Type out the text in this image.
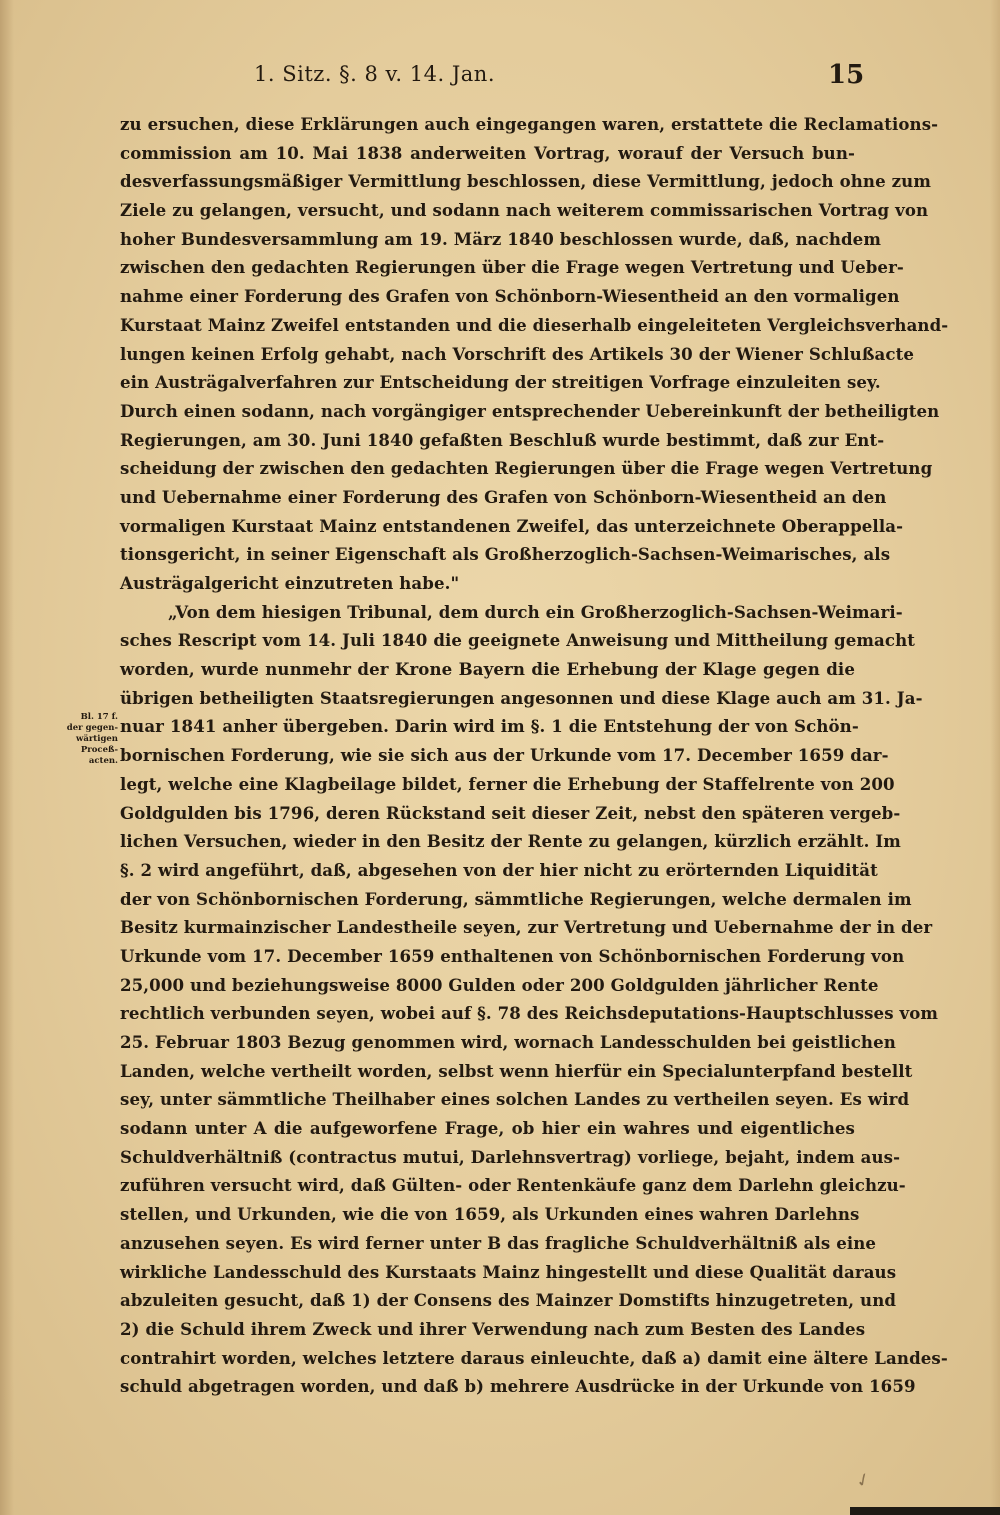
1. Sitz. §. 8 v. 14. Jan.	15
Bl. 17 f.
der gegen-
wärtigen
Proceß-
acten.
zu ersuchen, diese Erklärungen auch eingegangen waren, erstattete die Reclamations-
commission am 10. Mai 1838 anderweiten Vortrag, worauf der Versuch bun-
desverfassungsmäßiger Vermittlung beschlossen, diese Vermittlung, jedoch ohne zum
Ziele zu gelangen, versucht, und sodann nach weiterem commissarischen Vortrag von
hoher Bundesversammlung am 19. März 1840 beschlossen wurde, daß, nachdem
zwischen den gedachten Regierungen über die Frage wegen Vertretung und Ueber-
nahme einer Forderung des Grafen von Schönborn-Wiesentheid an den vormaligen
Kurstaat Mainz Zweifel entstanden und die dieserhalb eingeleiteten Vergleichsverhand-
lungen keinen Erfolg gehabt, nach Vorschrift des Artikels 30 der Wiener Schlußacte
ein Austrägalverfahren zur Entscheidung der streitigen Vorfrage einzuleiten sey.
Durch einen sodann, nach vorgängiger entsprechender Uebereinkunft der betheiligten
Regierungen, am 30. Juni 1840 gefaßten Beschluß wurde bestimmt, daß zur Ent-
scheidung der zwischen den gedachten Regierungen über die Frage wegen Vertretung
und Uebernahme einer Forderung des Grafen von Schönborn-Wiesentheid an den
vormaligen Kurstaat Mainz entstandenen Zweifel, das unterzeichnete Oberappella-
tionsgericht, in seiner Eigenschaft als Großherzoglich-Sachsen-Weimarisches, als
Austrägalgericht einzutreten habe."
„Von dem hiesigen Tribunal, dem durch ein Großherzoglich-Sachsen-Weimari-
sches Rescript vom 14. Juli 1840 die geeignete Anweisung und Mittheilung gemacht
worden, wurde nunmehr der Krone Bayern die Erhebung der Klage gegen die
übrigen betheiligten Staatsregierungen angesonnen und diese Klage auch am 31. Ja-
nuar 1841 anher übergeben. Darin wird im §. 1 die Entstehung der von Schön-
bornischen Forderung, wie sie sich aus der Urkunde vom 17. December 1659 dar-
legt, welche eine Klagbeilage bildet, ferner die Erhebung der Staffelrente von 200
Goldgulden bis 1796, deren Rückstand seit dieser Zeit, nebst den späteren vergeb-
lichen Versuchen, wieder in den Besitz der Rente zu gelangen, kürzlich erzählt. Im
§. 2 wird angeführt, daß, abgesehen von der hier nicht zu erörternden Liquidität
der von Schönbornischen Forderung, sämmtliche Regierungen, welche dermalen im
Besitz kurmainzischer Landestheile seyen, zur Vertretung und Uebernahme der in der
Urkunde vom 17. December 1659 enthaltenen von Schönbornischen Forderung von
25,000 und beziehungsweise 8000 Gulden oder 200 Goldgulden jährlicher Rente
rechtlich verbunden seyen, wobei auf §. 78 des Reichsdeputations-Hauptschlusses vom
25. Februar 1803 Bezug genommen wird, wornach Landesschulden bei geistlichen
Landen, welche vertheilt worden, selbst wenn hierfür ein Specialunterpfand bestellt
sey, unter sämmtliche Theilhaber eines solchen Landes zu vertheilen seyen. Es wird
sodann unter A die aufgeworfene Frage, ob hier ein wahres und eigentliches
Schuldverhältniß (contractus mutui, Darlehnsvertrag) vorliege, bejaht, indem aus-
zuführen versucht wird, daß Gülten- oder Rentenkäufe ganz dem Darlehn gleichzu-
stellen, und Urkunden, wie die von 1659, als Urkunden eines wahren Darlehns
anzusehen seyen. Es wird ferner unter B das fragliche Schuldverhältniß als eine
wirkliche Landesschuld des Kurstaats Mainz hingestellt und diese Qualität daraus
abzuleiten gesucht, daß 1) der Consens des Mainzer Domstifts hinzugetreten, und
2) die Schuld ihrem Zweck und ihrer Verwendung nach zum Besten des Landes
contrahirt worden, welches letztere daraus einleuchte, daß a) damit eine ältere Landes-
schuld abgetragen worden, und daß b) mehrere Ausdrücke in der Urkunde von 1659
✓
